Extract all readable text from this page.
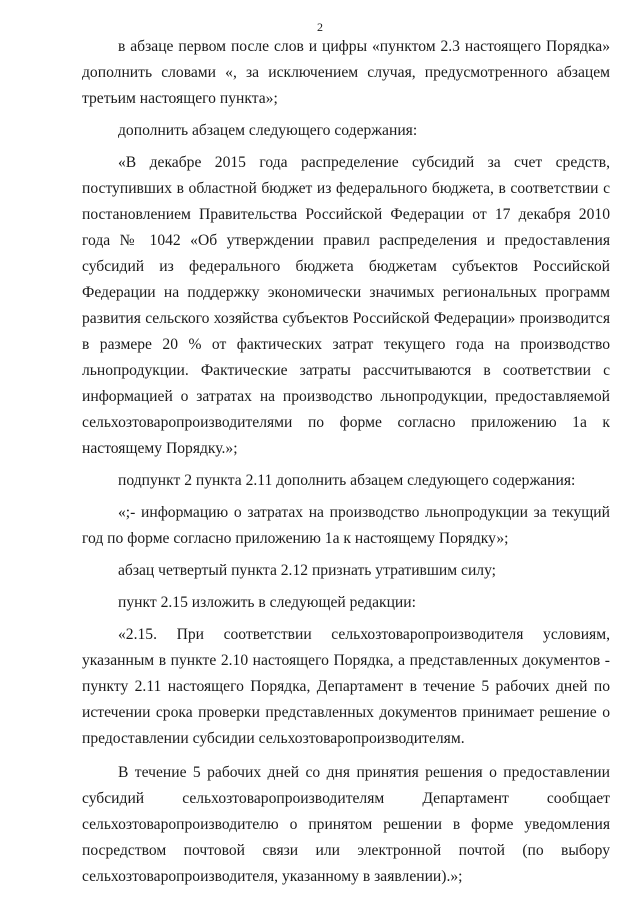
2

в абзаце первом после слов и цифры «пунктом 2.3 настоящего Порядка» дополнить словами «, за исключением случая, предусмотренного абзацем третьим настоящего пункта»;

дополнить абзацем следующего содержания:

«В декабре 2015 года распределение субсидий за счет средств, поступивших в областной бюджет из федерального бюджета, в соответствии с постановлением Правительства Российской Федерации от 17 декабря 2010 года № 1042 «Об утверждении правил распределения и предоставления субсидий из федерального бюджета бюджетам субъектов Российской Федерации на поддержку экономически значимых региональных программ развития сельского хозяйства субъектов Российской Федерации» производится в размере 20 % от фактических затрат текущего года на производство льнопродукции. Фактические затраты рассчитываются в соответствии с информацией о затратах на производство льнопродукции, предоставляемой сельхозтоваропроизводителями по форме согласно приложению 1а к настоящему Порядку.»;

подпункт 2 пункта 2.11 дополнить абзацем следующего содержания:

«;- информацию о затратах на производство льнопродукции за текущий год по форме согласно приложению 1а к настоящему Порядку»;

абзац четвертый пункта 2.12 признать утратившим силу;

пункт 2.15 изложить в следующей редакции:

«2.15. При соответствии сельхозтоваропроизводителя условиям, указанным в пункте 2.10 настоящего Порядка, а представленных документов - пункту 2.11 настоящего Порядка, Департамент в течение 5 рабочих дней по истечении срока проверки представленных документов принимает решение о предоставлении субсидии сельхозтоваропроизводителям.

В течение 5 рабочих дней со дня принятия решения о предоставлении субсидий сельхозтоваропроизводителям Департамент сообщает сельхозтоваропроизводителю о принятом решении в форме уведомления посредством почтовой связи или электронной почтой (по выбору сельхозтоваропроизводителя, указанному в заявлении).»;
